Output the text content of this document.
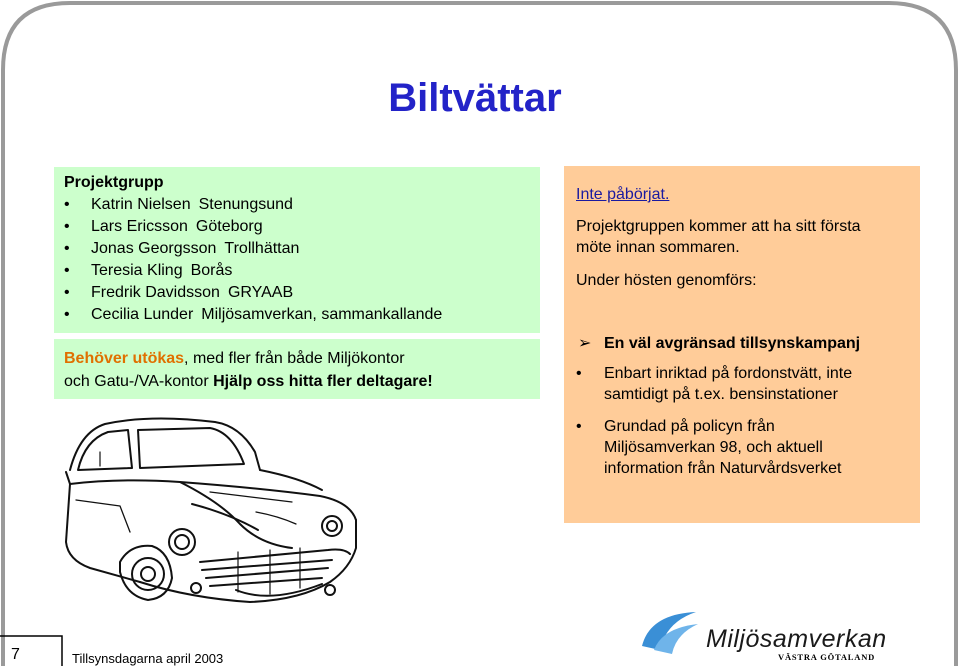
Biltvättar
Projektgrupp
•	Katrin Nielsen Stenungsund
•	Lars Ericsson Göteborg
•	Jonas Georgsson Trollhättan
•	Teresia Kling Borås
•	Fredrik Davidsson GRYAAB
•	Cecilia Lunder Miljösamverkan, sammankallande
Behöver utökas, med fler från både Miljökontor
och Gatu-/VA-kontor Hjälp oss hitta fler deltagare!
Inte påbörjat.
Projektgruppen kommer att ha sitt första
möte innan sommaren.
Under hösten genomförs:
➢ En väl avgränsad tillsynskampanj
• Enbart inriktad på fordonstvätt, inte
samtidigt på t.ex. bensinstationer
• Grundad på policyn från
Miljösamverkan 98, och aktuell
information från Naturvårdsverket
Miljösamverkan
VÄSTRA GÖTALAND
7	Tillsynsdagarna april 2003
